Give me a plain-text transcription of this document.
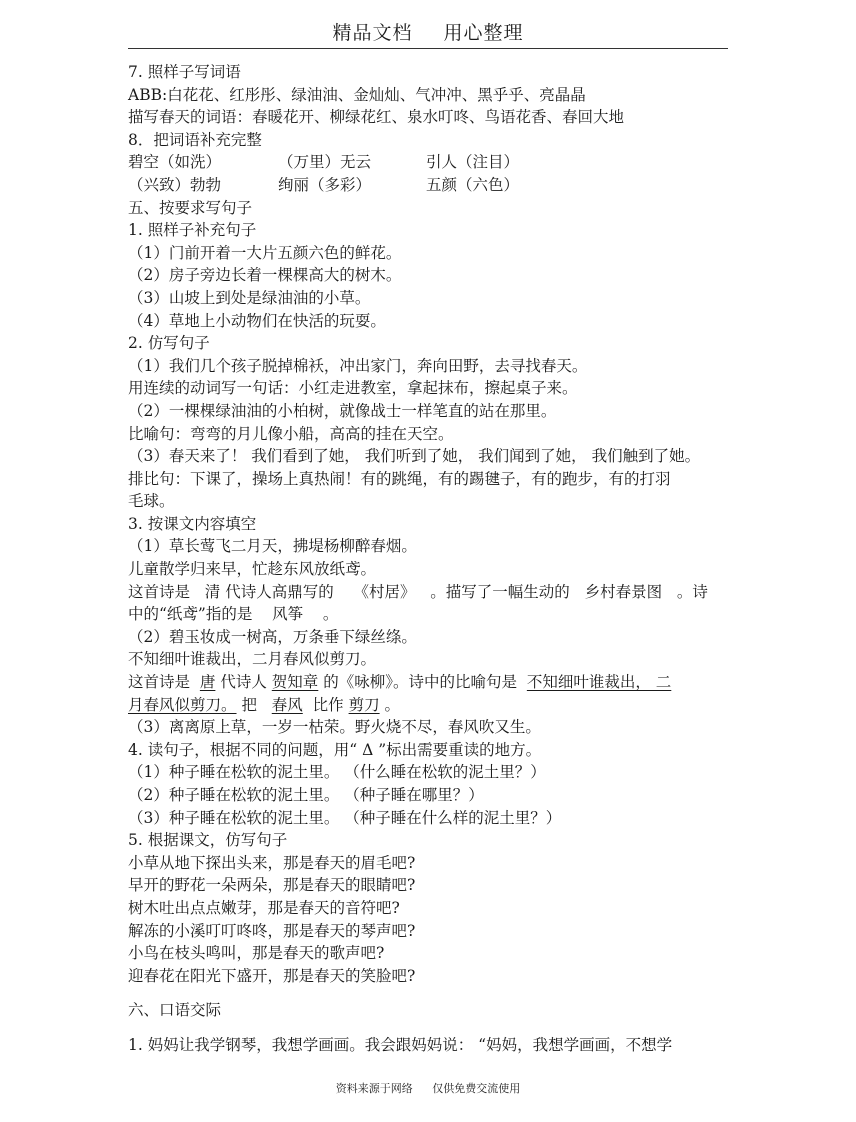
精品文档 用心整理
7. 照样子写词语
ABB:白花花、红彤彤、绿油油、金灿灿、气冲冲、黑乎乎、亮晶晶
描写春天的词语：春暖花开、柳绿花红、泉水叮咚、鸟语花香、春回大地
8．把词语补充完整
碧空（如洗）	（万里）无云	引人（注目）
（兴致）勃勃	绚丽（多彩）	五颜（六色）
五、按要求写句子
1. 照样子补充句子
（1）门前开着一大片五颜六色的鲜花。
（2）房子旁边长着一棵棵高大的树木。
（3）山坡上到处是绿油油的小草。
（4）草地上小动物们在快活的玩耍。
2. 仿写句子
（1）我们几个孩子脱掉棉袄，冲出家门，奔向田野，去寻找春天。
用连续的动词写一句话：小红走进教室，拿起抹布，擦起桌子来。
（2）一棵棵绿油油的小柏树，就像战士一样笔直的站在那里。
比喻句：弯弯的月儿像小船，高高的挂在天空。
（3）春天来了！ 我们看到了她， 我们听到了她， 我们闻到了她， 我们触到了她。
排比句：下课了，操场上真热闹！有的跳绳，有的踢毽子，有的跑步，有的打羽
毛球。
3. 按课文内容填空
（1）草长莺飞二月天，拂堤杨柳醉春烟。
儿童散学归来早，忙趁东风放纸鸢。
这首诗是 清 代诗人高鼎写的 《村居》 。描写了一幅生动的 乡村春景图 。诗
中的“纸鸢”指的是 风筝 。
（2）碧玉妆成一树高，万条垂下绿丝绦。
不知细叶谁裁出，二月春风似剪刀。
这首诗是 唐 代诗人 贺知章 的《咏柳》。诗中的比喻句是 不知细叶谁裁出， 二
月春风似剪刀。 把 春风 比作 剪刀 。
（3）离离原上草，一岁一枯荣。野火烧不尽，春风吹又生。
4. 读句子，根据不同的问题，用“ Δ ”标出需要重读的地方。
（1）种子睡在松软的泥土里。 （什么睡在松软的泥土里？）
（2）种子睡在松软的泥土里。 （种子睡在哪里？）
（3）种子睡在松软的泥土里。 （种子睡在什么样的泥土里？）
5. 根据课文，仿写句子
小草从地下探出头来，那是春天的眉毛吧?
早开的野花一朵两朵，那是春天的眼睛吧?
树木吐出点点嫩芽，那是春天的音符吧?
解冻的小溪叮叮咚咚，那是春天的琴声吧?
小鸟在枝头鸣叫，那是春天的歌声吧?
迎春花在阳光下盛开，那是春天的笑脸吧?
六、口语交际
1. 妈妈让我学钢琴，我想学画画。我会跟妈妈说： “妈妈，我想学画画，不想学
资料来源于网络 仅供免费交流使用
